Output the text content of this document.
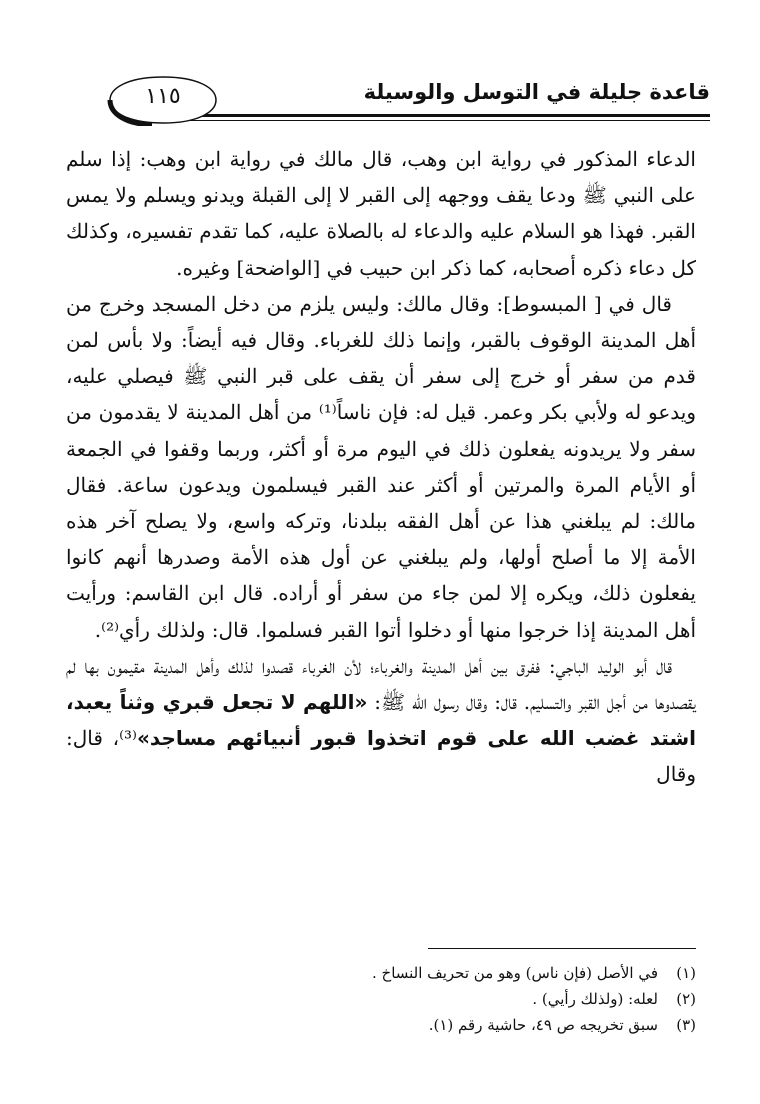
قاعدة جليلة في التوسل والوسيلة
١١٥

الدعاء المذكور في رواية ابن وهب، قال مالك في رواية ابن وهب: إذا سلم على النبي ﷺ ودعا يقف ووجهه إلى القبر لا إلى القبلة ويدنو ويسلم ولا يمس القبر. فهذا هو السلام عليه والدعاء له بالصلاة عليه، كما تقدم تفسيره، وكذلك كل دعاء ذكره أصحابه، كما ذكر ابن حبيب في [الواضحة] وغيره.

قال في [ المبسوط]: وقال مالك: وليس يلزم من دخل المسجد وخرج من أهل المدينة الوقوف بالقبر، وإنما ذلك للغرباء. وقال فيه أيضاً: ولا بأس لمن قدم من سفر أو خرج إلى سفر أن يقف على قبر النبي ﷺ فيصلي عليه، ويدعو له ولأبي بكر وعمر. قيل له: فإن ناساً⁽¹⁾ من أهل المدينة لا يقدمون من سفر ولا يريدونه يفعلون ذلك في اليوم مرة أو أكثر، وربما وقفوا في الجمعة أو الأيام المرة والمرتين أو أكثر عند القبر فيسلمون ويدعون ساعة. فقال مالك: لم يبلغني هذا عن أهل الفقه ببلدنا، وتركه واسع، ولا يصلح آخر هذه الأمة إلا ما أصلح أولها، ولم يبلغني عن أول هذه الأمة وصدرها أنهم كانوا يفعلون ذلك، ويكره إلا لمن جاء من سفر أو أراده. قال ابن القاسم: ورأيت أهل المدينة إذا خرجوا منها أو دخلوا أتوا القبر فسلموا. قال: ولذلك رأي⁽²⁾.

قال أبو الوليد الباجي: ففرق بين أهل المدينة والغرباء؛ لأن الغرباء قصدوا لذلك وأهل المدينة مقيمون بها لم يقصدوها من أجل القبر والتسليم. قال: وقال رسول الله ﷺ: «اللهم لا تجعل قبري وثناً يعبد، اشتد غضب الله على قوم اتخذوا قبور أنبيائهم مساجد»⁽³⁾، قال: وقال

(١)
في الأصل (فإن ناس) وهو من تحريف النساخ .
(٢)
لعله: (ولذلك رأيي) .
(٣)
سبق تخريجه ص ٤٩، حاشية رقم (١).
